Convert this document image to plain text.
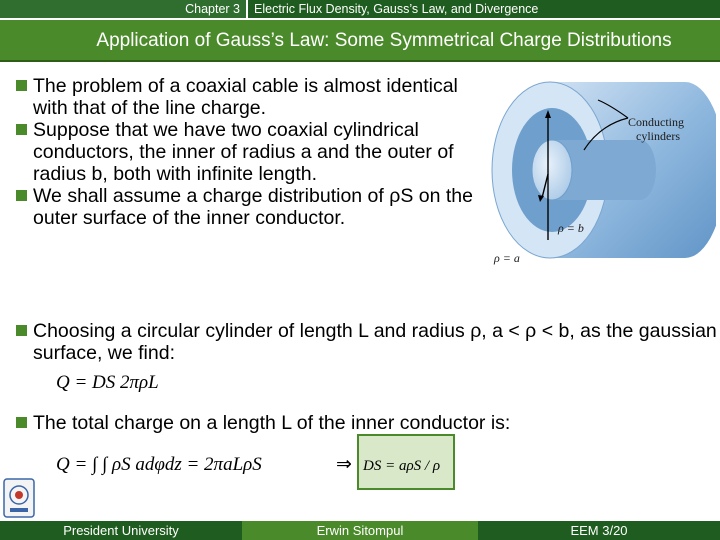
Chapter 3	Electric Flux Density, Gauss’s Law, and Divergence
Application of Gauss’s Law: Some Symmetrical Charge Distributions
The problem of a coaxial cable is almost identical with that of the line charge.
Suppose that we have two coaxial cylindrical conductors, the inner of radius a and the outer of radius b, both with infinite length.
We shall assume a charge distribution of ρS on the outer surface of the inner conductor.
Conducting
cylinders
ρ = b
ρ = a
Choosing a circular cylinder of length L and radius ρ, a < ρ < b, as the gaussian surface, we find:
Q = DS 2πρL
The total charge on a length L of the inner conductor is:
Q = ∫ ∫ ρS adφdz = 2πaLρS	⇒ DS = aρS / ρ
President University	Erwin Sitompul	EEM 3/20
